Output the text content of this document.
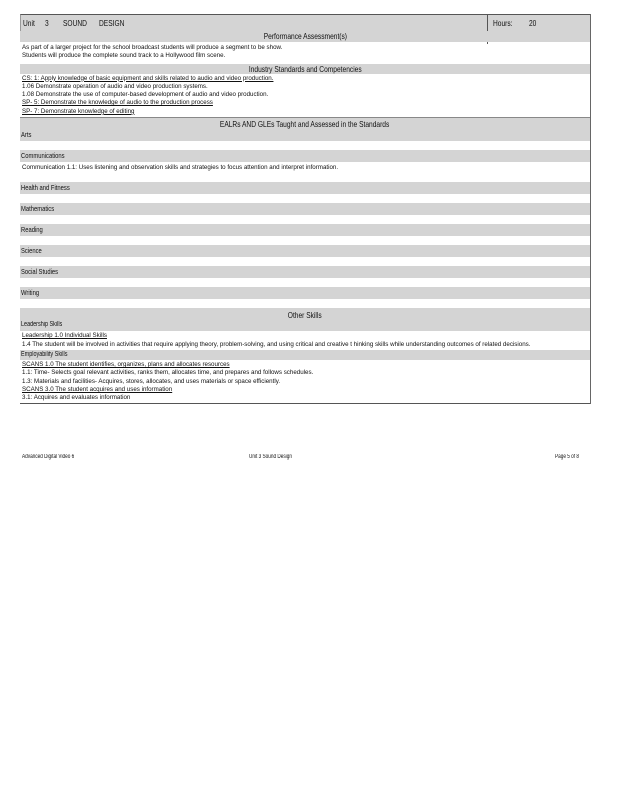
Unit 3 SOUND DESIGN	Hours: 20
Performance Assessment(s)
As part of a larger project for the school broadcast students will produce a segment to be show.
Students will produce the complete sound track to a Hollywood film scene.
Industry Standards and Competencies
CS: 1: Apply knowledge of basic equipment and skills related to audio and video production.
1.06 Demonstrate operation of audio and video production systems.
1.08 Demonstrate the use of computer-based development of audio and video production.
SP- 5: Demonstrate the knowledge of audio to the production process
SP- 7: Demonstrate knowledge of editing
EALRs AND GLEs Taught and Assessed in the Standards
Arts
Communications
Communication 1.1: Uses listening and observation skills and strategies to focus attention and interpret information.
Health and Fitness
Mathematics
Reading
Science
Social Studies
Writing
Other Skills
Leadership Skills
Leadership 1.0 Individual Skills
1.4 The student will be involved in activities that require applying theory, problem-solving, and using critical and creative t hinking skills while understanding outcomes of related decisions.
Employability Skills
SCANS 1.0 The student identifies, organizes, plans and allocates resources
1.1: Time- Selects goal relevant activities, ranks them, allocates time, and prepares and follows schedules.
1.3: Materials and facilities- Acquires, stores, allocates, and uses materials or space efficiently.
SCANS 3.0 The student acquires and uses information
3.1: Acquires and evaluates information
Advanced Digital Video 6	Unit 3 Sound Design	Page 5 of 8
